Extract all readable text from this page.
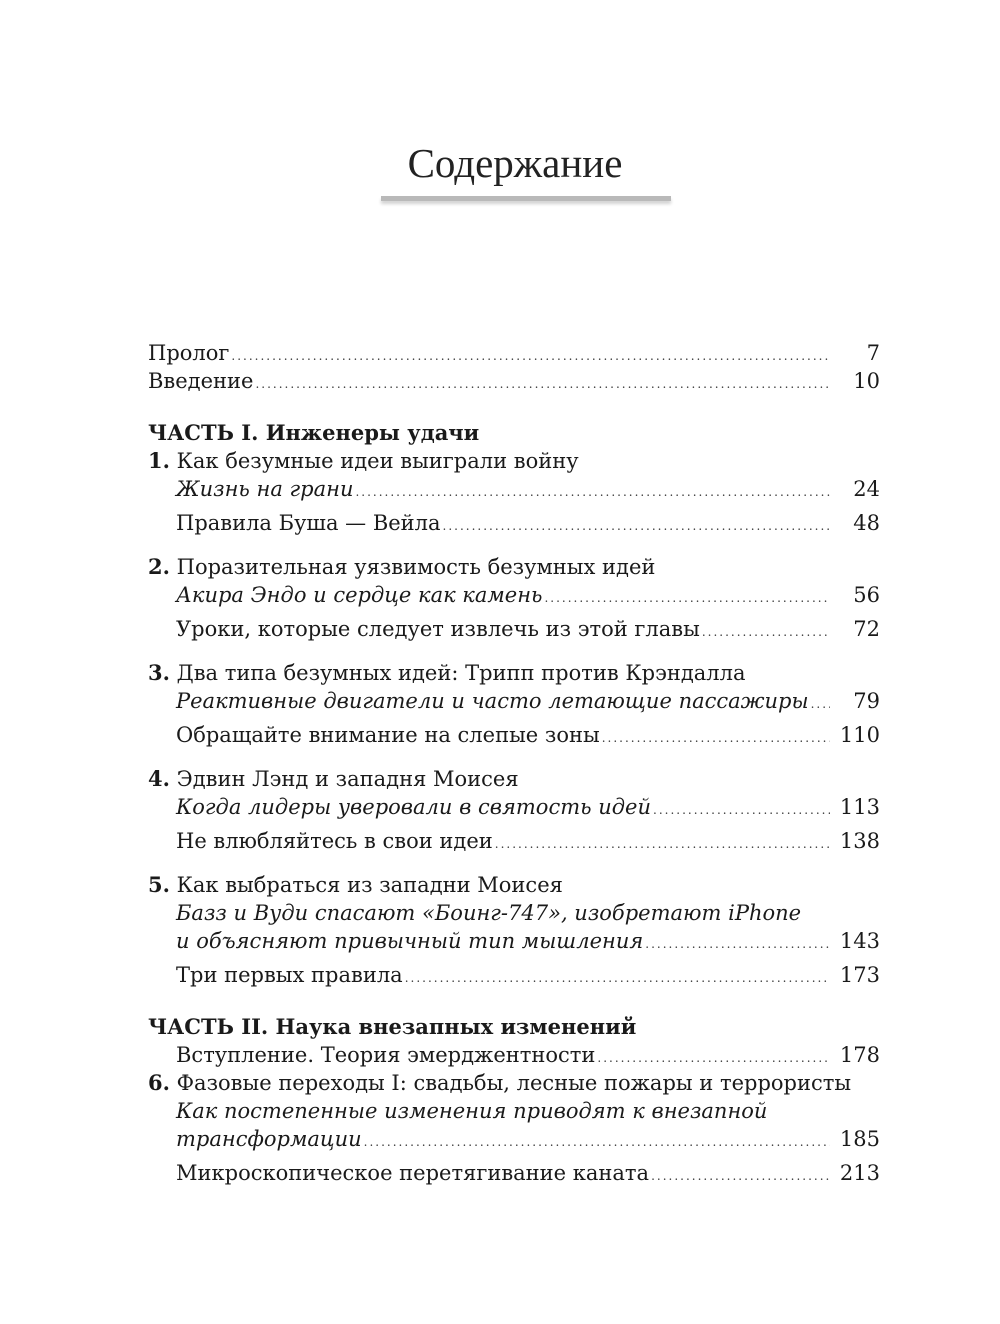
Содержание
Пролог .....	7
Введение .....	10
ЧАСТЬ I. Инженеры удачи
1. Как безумные идеи выиграли войну
Жизнь на грани .....	24
Правила Буша — Вейла .....	48
2. Поразительная уязвимость безумных идей
Акира Эндо и сердце как камень .....	56
Уроки, которые следует извлечь из этой главы .....	72
3. Два типа безумных идей: Трипп против Крэндалла
Реактивные двигатели и часто летающие пассажиры .....	79
Обращайте внимание на слепые зоны .....	110
4. Эдвин Лэнд и западня Моисея
Когда лидеры уверовали в святость идей .....	113
Не влюбляйтесь в свои идеи .....	138
5. Как выбраться из западни Моисея
Базз и Вуди спасают «Боинг-747», изобретают iPhone
и объясняют привычный тип мышления .....	143
Три первых правила .....	173
ЧАСТЬ II. Наука внезапных изменений
Вступление. Теория эмерджентности .....	178
6. Фазовые переходы I: свадьбы, лесные пожары и террористы
Как постепенные изменения приводят к внезапной
трансформации .....	185
Микроскопическое перетягивание каната .....	213
